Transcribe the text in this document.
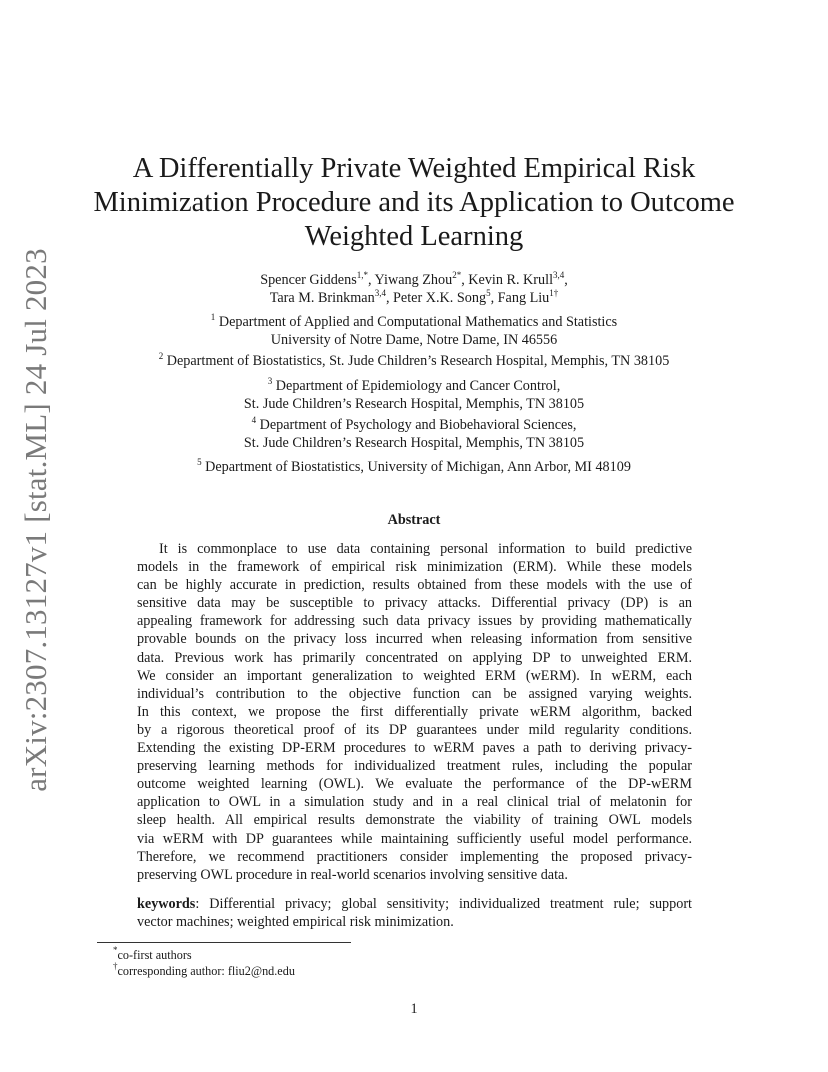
arXiv:2307.13127v1 [stat.ML] 24 Jul 2023
A Differentially Private Weighted Empirical Risk
Minimization Procedure and its Application to Outcome
Weighted Learning
Spencer Giddens$^{1,*}$, Yiwang Zhou$^{2*}$, Kevin R. Krull$^{3,4}$,
Tara M. Brinkman$^{3,4}$, Peter X.K. Song$^5$, Fang Liu$^{1\dagger}$
$^1$ Department of Applied and Computational Mathematics and Statistics
University of Notre Dame, Notre Dame, IN 46556
$^2$ Department of Biostatistics, St. Jude Children’s Research Hospital, Memphis, TN 38105
$^3$ Department of Epidemiology and Cancer Control,
St. Jude Children’s Research Hospital, Memphis, TN 38105
$^4$ Department of Psychology and Biobehavioral Sciences,
St. Jude Children’s Research Hospital, Memphis, TN 38105
$^5$ Department of Biostatistics, University of Michigan, Ann Arbor, MI 48109
Abstract
It is commonplace to use data containing personal information to build predictive
models in the framework of empirical risk minimization (ERM). While these models
can be highly accurate in prediction, results obtained from these models with the use of
sensitive data may be susceptible to privacy attacks. Differential privacy (DP) is an
appealing framework for addressing such data privacy issues by providing mathematically
provable bounds on the privacy loss incurred when releasing information from sensitive
data. Previous work has primarily concentrated on applying DP to unweighted ERM.
We consider an important generalization to weighted ERM (wERM). In wERM, each
individual’s contribution to the objective function can be assigned varying weights.
In this context, we propose the first differentially private wERM algorithm, backed
by a rigorous theoretical proof of its DP guarantees under mild regularity conditions.
Extending the existing DP-ERM procedures to wERM paves a path to deriving privacy-
preserving learning methods for individualized treatment rules, including the popular
outcome weighted learning (OWL). We evaluate the performance of the DP-wERM
application to OWL in a simulation study and in a real clinical trial of melatonin for
sleep health. All empirical results demonstrate the viability of training OWL models
via wERM with DP guarantees while maintaining sufficiently useful model performance.
Therefore, we recommend practitioners consider implementing the proposed privacy-
preserving OWL procedure in real-world scenarios involving sensitive data.
keywords: Differential privacy; global sensitivity; individualized treatment rule; support
vector machines; weighted empirical risk minimization.
*co-first authors
†corresponding author: fliu2@nd.edu
1
